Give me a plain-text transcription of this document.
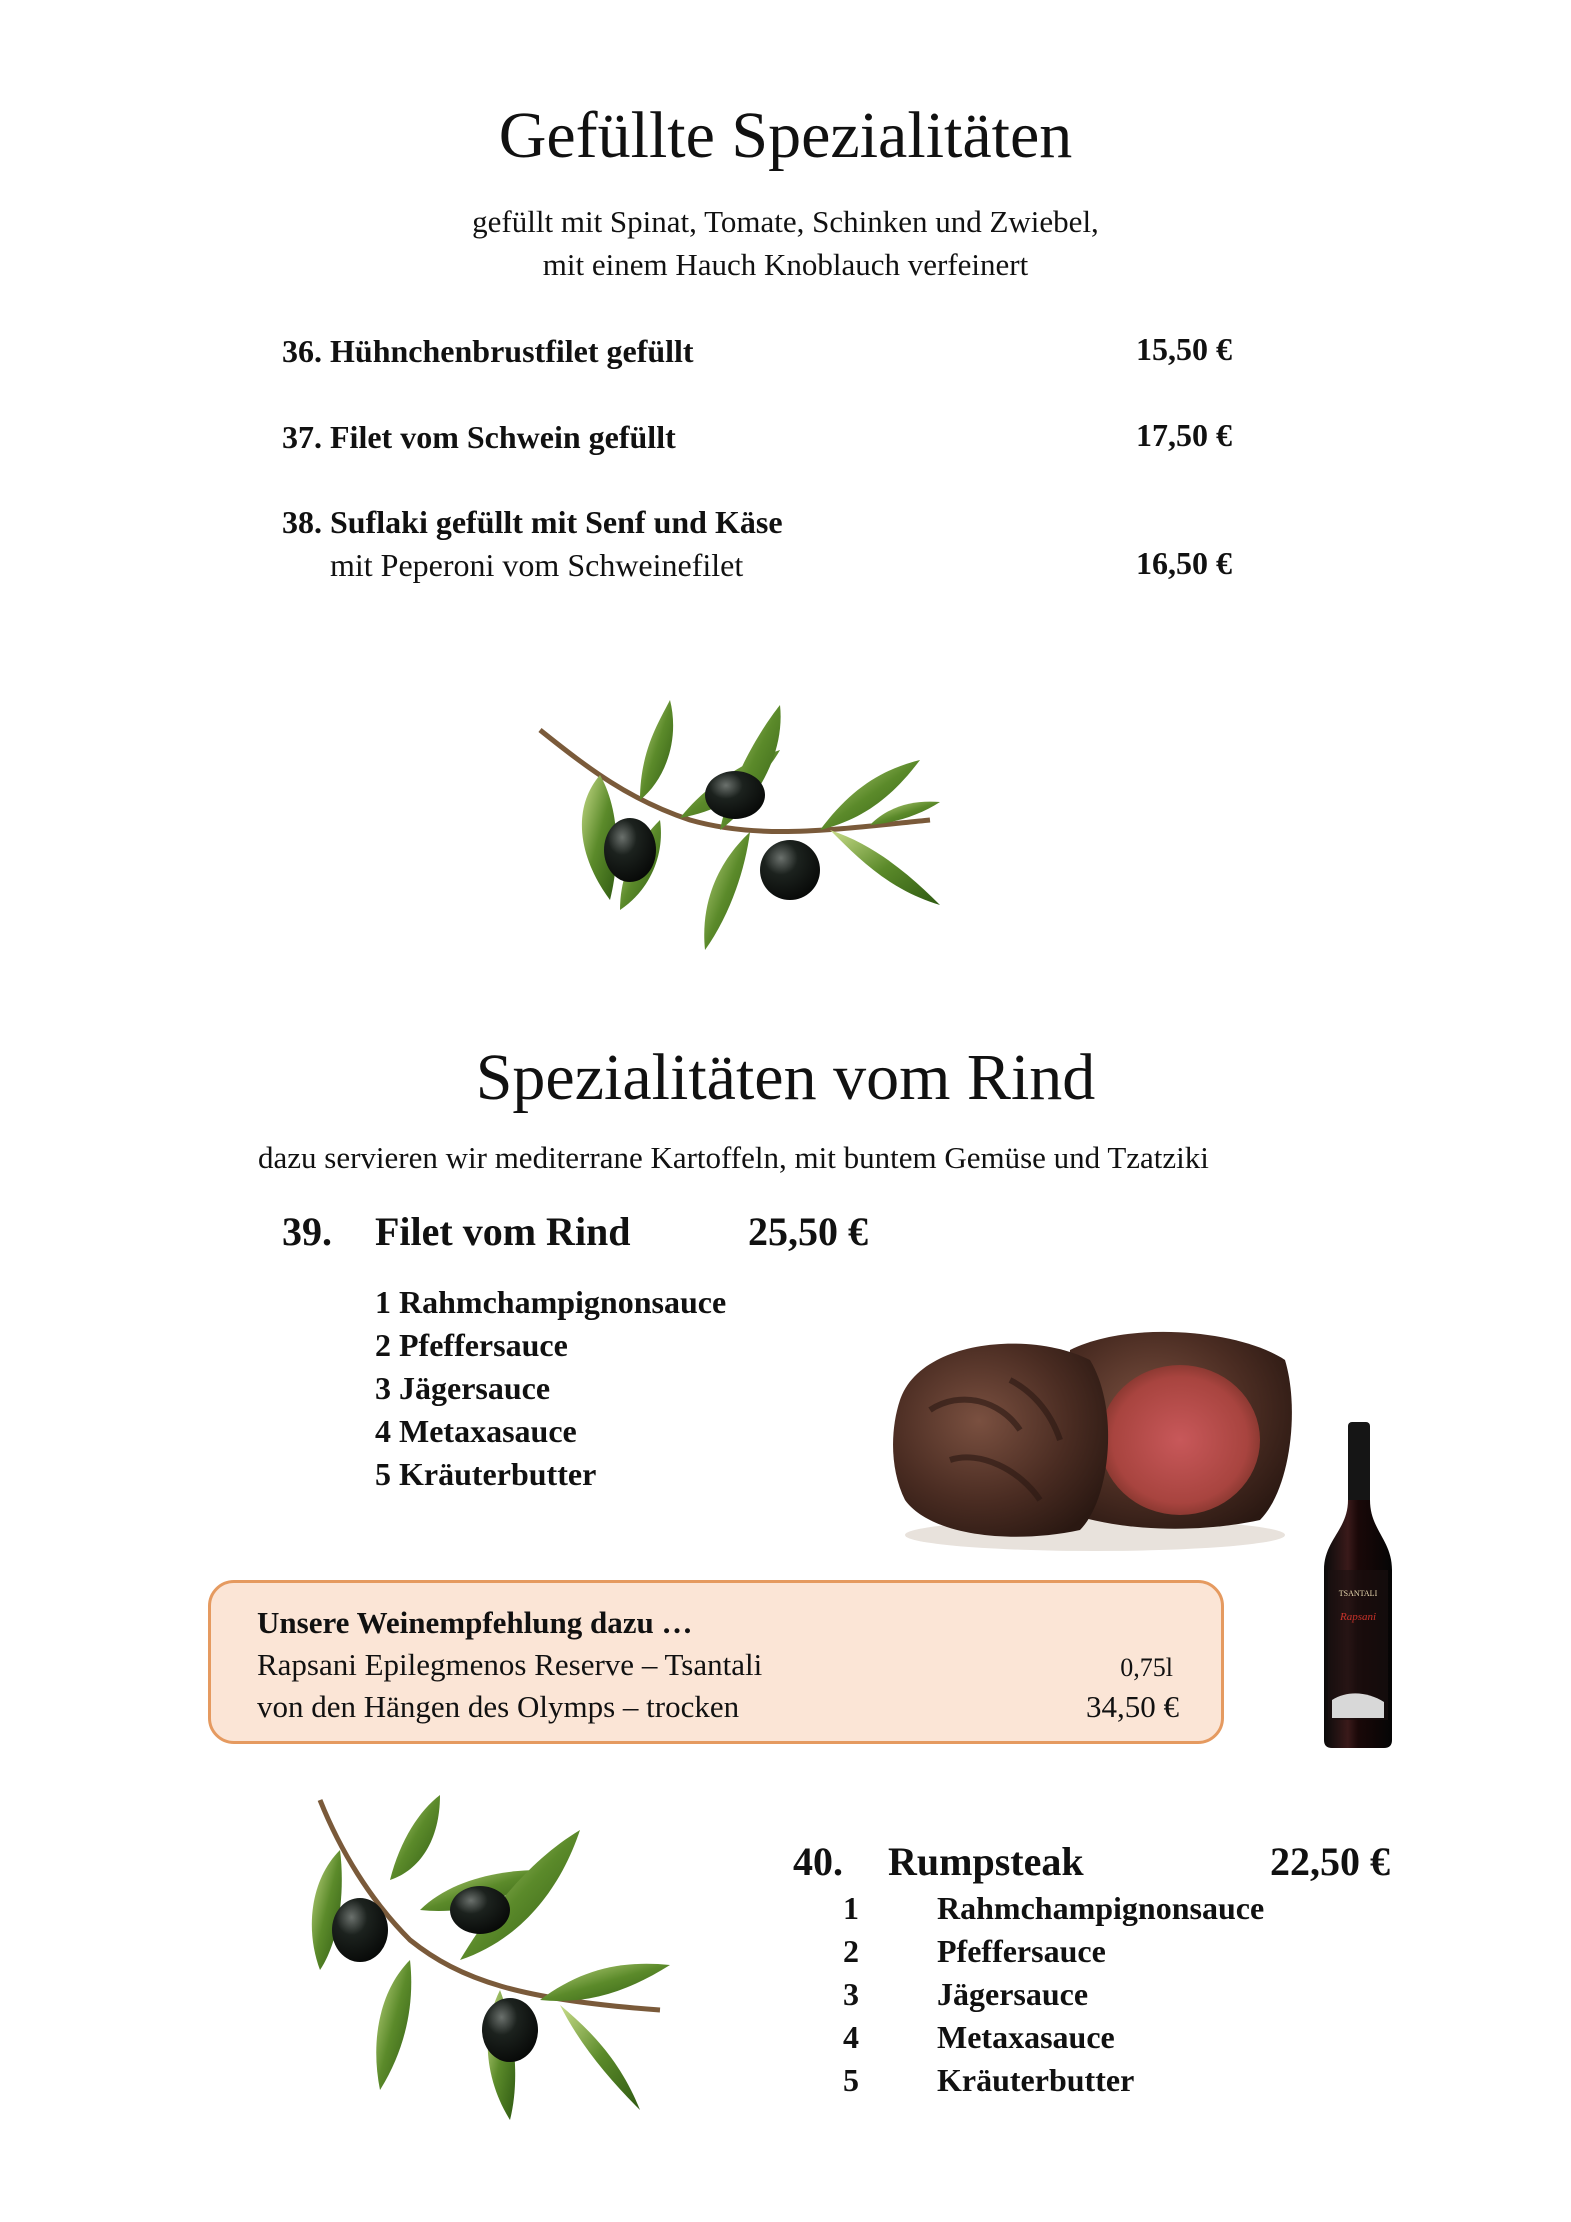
Gefüllte Spezialitäten
gefüllt mit Spinat, Tomate, Schinken und Zwiebel,
mit einem Hauch Knoblauch verfeinert
36. Hühnchenbrustfilet gefüllt	15,50 €
37. Filet vom Schwein gefüllt	17,50 €
38. Suflaki gefüllt mit Senf und Käse
mit Peperoni vom Schweinefilet	16,50 €
Spezialitäten vom Rind
dazu servieren wir mediterrane Kartoffeln, mit buntem Gemüse und Tzatziki
39. Filet vom Rind	25,50 €
1 Rahmchampignonsauce
2 Pfeffersauce
3 Jägersauce
4 Metaxasauce
5 Kräuterbutter
TSANTALI
Rapsani
Unsere Weinempfehlung dazu …
Rapsani Epilegmenos Reserve – Tsantali	0,75l
von den Hängen des Olymps – trocken	34,50 €
40. Rumpsteak	22,50 €
1 Rahmchampignonsauce
2 Pfeffersauce
3 Jägersauce
4 Metaxasauce
5 Kräuterbutter
